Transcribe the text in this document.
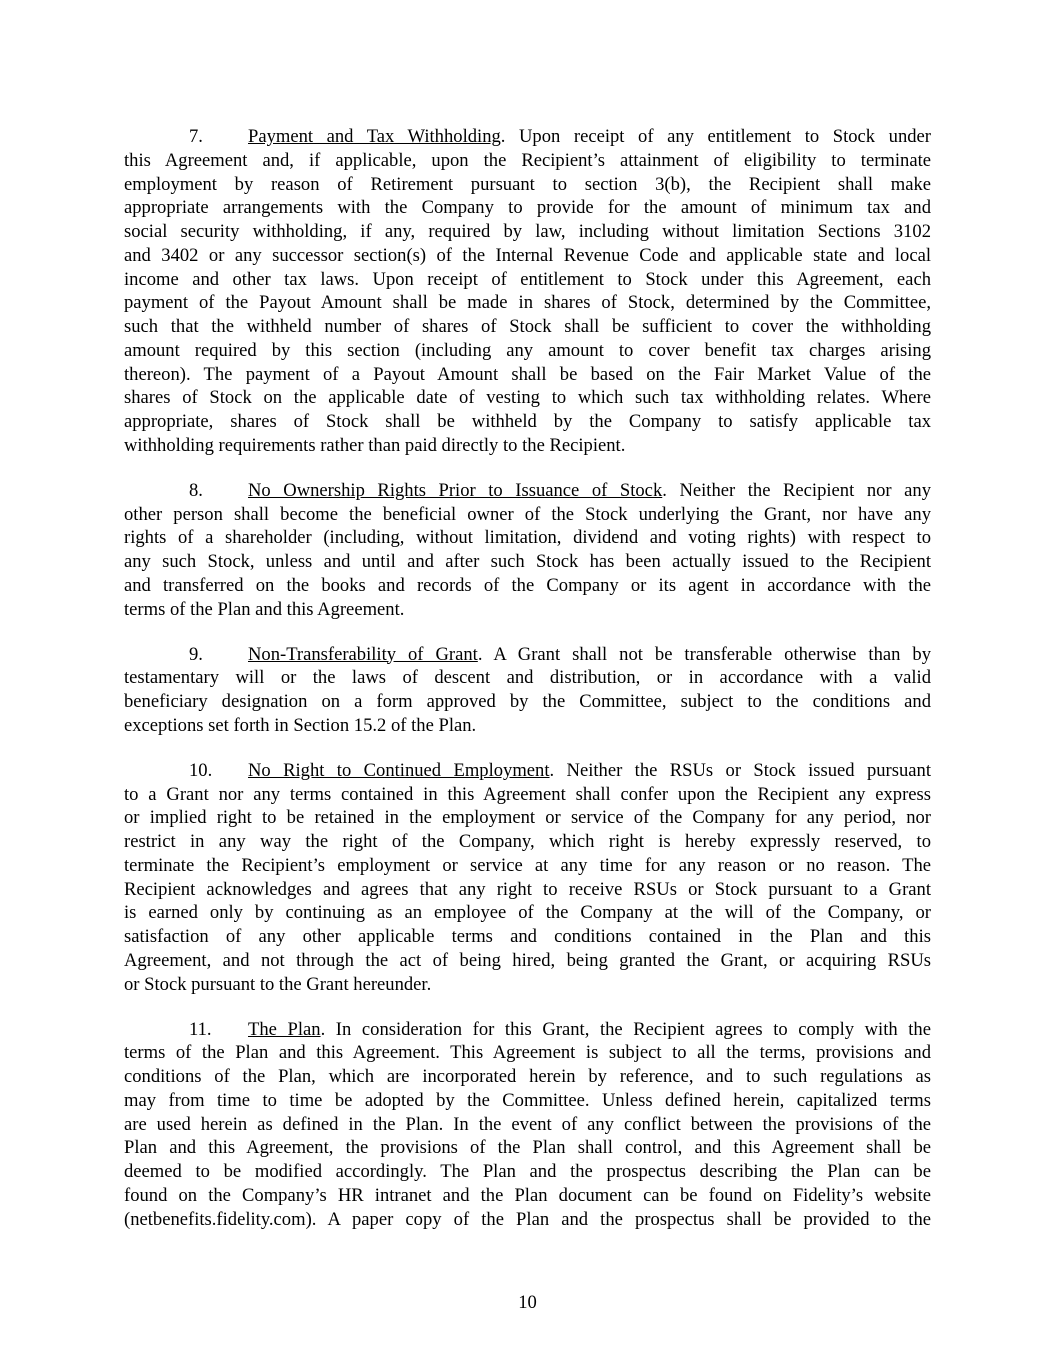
7. Payment and Tax Withholding. Upon receipt of any entitlement to Stock under
this Agreement and, if applicable, upon the Recipient’s attainment of eligibility to terminate
employment by reason of Retirement pursuant to section 3(b), the Recipient shall make
appropriate arrangements with the Company to provide for the amount of minimum tax and
social security withholding, if any, required by law, including without limitation Sections 3102
and 3402 or any successor section(s) of the Internal Revenue Code and applicable state and local
income and other tax laws. Upon receipt of entitlement to Stock under this Agreement, each
payment of the Payout Amount shall be made in shares of Stock, determined by the Committee,
such that the withheld number of shares of Stock shall be sufficient to cover the withholding
amount required by this section (including any amount to cover benefit tax charges arising
thereon). The payment of a Payout Amount shall be based on the Fair Market Value of the
shares of Stock on the applicable date of vesting to which such tax withholding relates. Where
appropriate, shares of Stock shall be withheld by the Company to satisfy applicable tax
withholding requirements rather than paid directly to the Recipient.
8. No Ownership Rights Prior to Issuance of Stock. Neither the Recipient nor any
other person shall become the beneficial owner of the Stock underlying the Grant, nor have any
rights of a shareholder (including, without limitation, dividend and voting rights) with respect to
any such Stock, unless and until and after such Stock has been actually issued to the Recipient
and transferred on the books and records of the Company or its agent in accordance with the
terms of the Plan and this Agreement.
9. Non-Transferability of Grant. A Grant shall not be transferable otherwise than by
testamentary will or the laws of descent and distribution, or in accordance with a valid
beneficiary designation on a form approved by the Committee, subject to the conditions and
exceptions set forth in Section 15.2 of the Plan.
10. No Right to Continued Employment. Neither the RSUs or Stock issued pursuant
to a Grant nor any terms contained in this Agreement shall confer upon the Recipient any express
or implied right to be retained in the employment or service of the Company for any period, nor
restrict in any way the right of the Company, which right is hereby expressly reserved, to
terminate the Recipient’s employment or service at any time for any reason or no reason. The
Recipient acknowledges and agrees that any right to receive RSUs or Stock pursuant to a Grant
is earned only by continuing as an employee of the Company at the will of the Company, or
satisfaction of any other applicable terms and conditions contained in the Plan and this
Agreement, and not through the act of being hired, being granted the Grant, or acquiring RSUs
or Stock pursuant to the Grant hereunder.
11. The Plan. In consideration for this Grant, the Recipient agrees to comply with the
terms of the Plan and this Agreement. This Agreement is subject to all the terms, provisions and
conditions of the Plan, which are incorporated herein by reference, and to such regulations as
may from time to time be adopted by the Committee. Unless defined herein, capitalized terms
are used herein as defined in the Plan. In the event of any conflict between the provisions of the
Plan and this Agreement, the provisions of the Plan shall control, and this Agreement shall be
deemed to be modified accordingly. The Plan and the prospectus describing the Plan can be
found on the Company’s HR intranet and the Plan document can be found on Fidelity’s website
(netbenefits.fidelity.com). A paper copy of the Plan and the prospectus shall be provided to the
10
